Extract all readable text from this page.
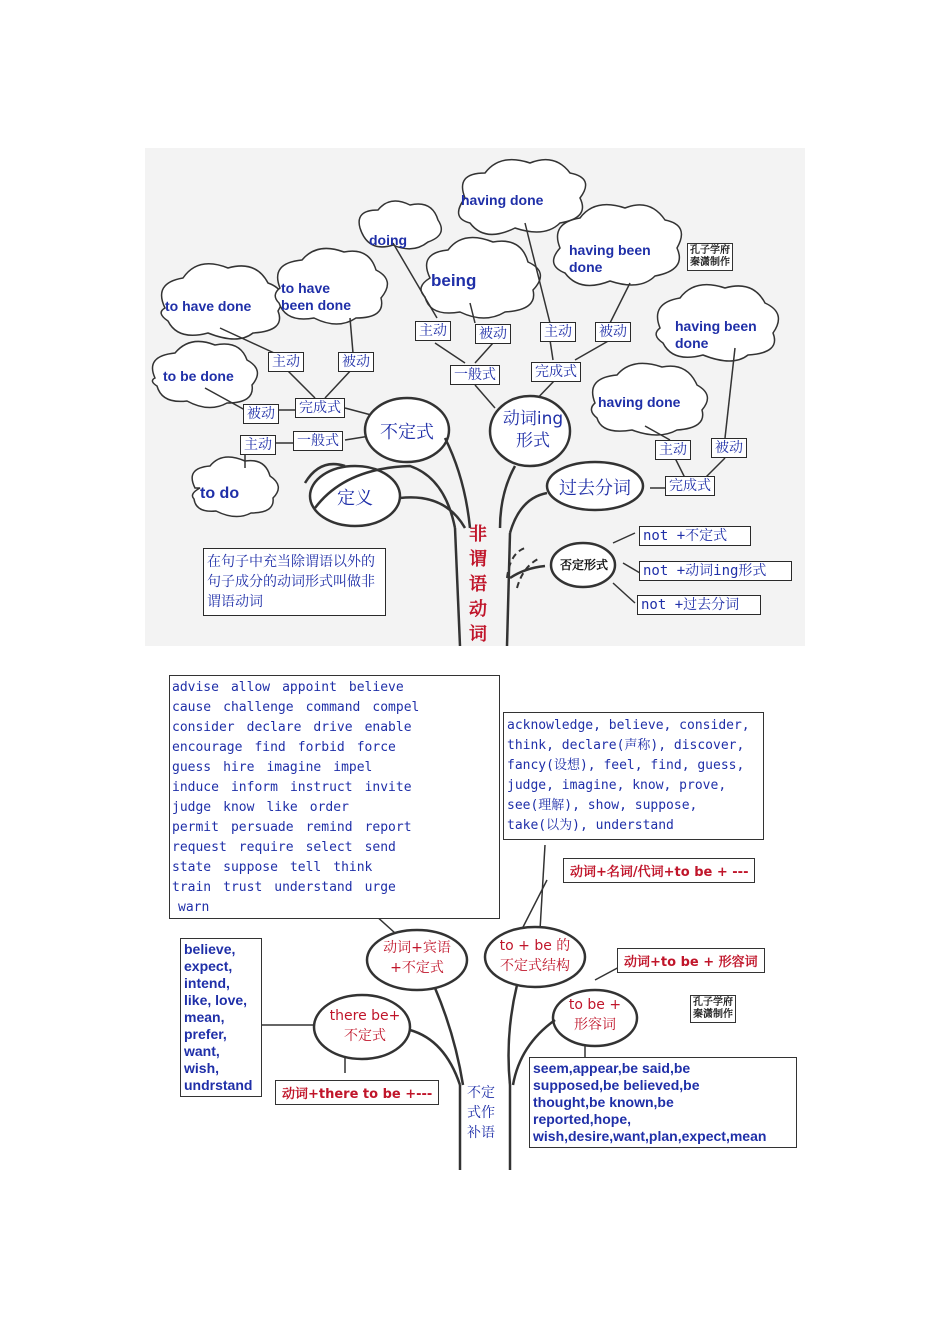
having done
doing
having been done
being
to have done
to have been done
to be done
having been done
having done
to do
主动	被动
完成式
被动
主动 一般式
主动 被动
一般式
主动 被动
完成式
主动 被动
完成式
not +不定式
not +动词ing形式
not +过去分词
不定式
动词ing
形式
定义	过去分词
否定形式
在句子中充当除谓语以外的句子成分的动词形式叫做非谓语动词
非
谓
语
动
词
孔子学府
秦潇制作
advise allow appoint believe
cause challenge command compel
consider declare drive enable
encourage find forbid force
guess hire imagine impel
induce inform instruct invite
judge know like order
permit persuade remind report
request require select send
state suppose tell think
train trust understand urge
warn
acknowledge, believe, consider,
think, declare(声称), discover,
fancy(设想), feel, find, guess,
judge, imagine, know, prove,
see(理解), show, suppose,
take(以为), understand
动词+名词/代词+to be + ---
动词+to be + 形容词
动词+there to be +---
动词+宾语
+不定式
to + be 的
不定式结构
there be+
不定式
to be +
形容词
believe,
expect,
intend,
like, love,
mean,
prefer,
want,
wish,
undrstand
seem,appear,be said,be
supposed,be believed,be
thought,be known,be
reported,hope,
wish,desire,want,plan,expect,mean
不定
式作
补语
孔子学府
秦潇制作
